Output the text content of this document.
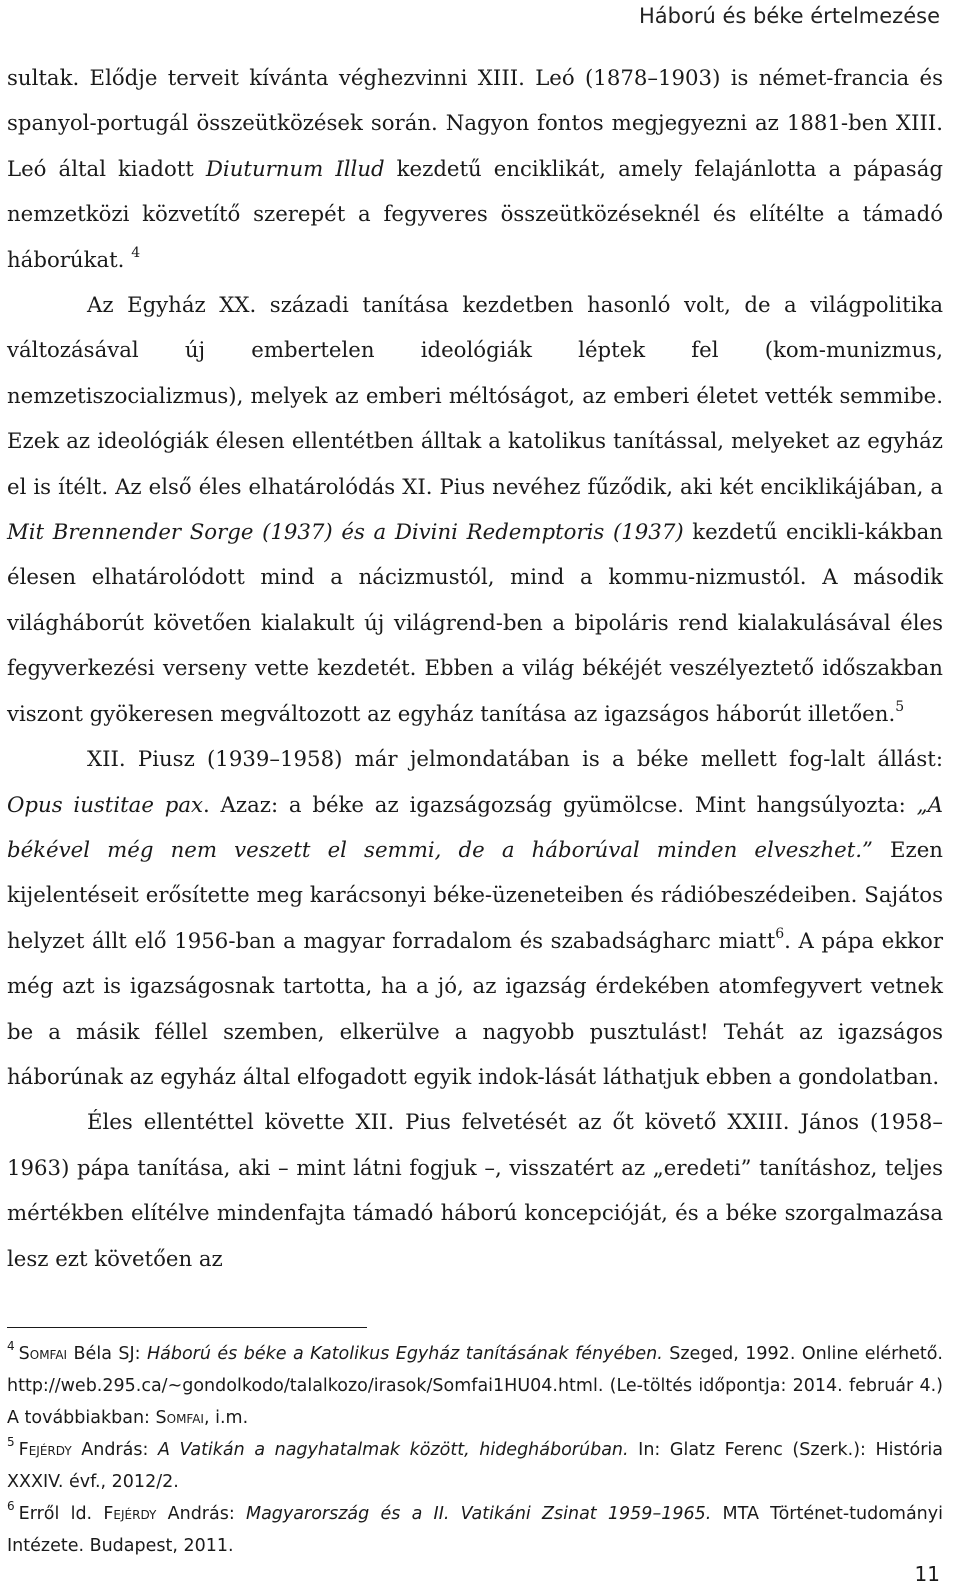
Háború és béke értelmezése

sultak. Elődje terveit kívánta véghezvinni XIII. Leó (1878–1903) is német-francia és spanyol-portugál összeütközések során. Nagyon fontos megjegyezni az 1881-ben XIII. Leó által kiadott Diuturnum Illud kezdetű enciklikát, amely felajánlotta a pápaság nemzetközi közvetítő szerepét a fegyveres összeütközéseknél és elítélte a támadó háborúkat. $^4$

Az Egyház XX. századi tanítása kezdetben hasonló volt, de a világpolitika változásával új embertelen ideológiák léptek fel (kom-munizmus, nemzetiszocializmus), melyek az emberi méltóságot, az emberi életet vették semmibe. Ezek az ideológiák élesen ellentétben álltak a katolikus tanítással, melyeket az egyház el is ítélt. Az első éles elhatárolódás XI. Pius nevéhez fűződik, aki két enciklikájában, a Mit Brennender Sorge (1937) és a Divini Redemptoris (1937) kezdetű encikli-kákban élesen elhatárolódott mind a nácizmustól, mind a kommu-nizmustól. A második világháborút követően kialakult új világrend-ben a bipoláris rend kialakulásával éles fegyverkezési verseny vette kezdetét. Ebben a világ békéjét veszélyeztető időszakban viszont gyökeresen megváltozott az egyház tanítása az igazságos háborút illetően.$^5$

XII. Piusz (1939–1958) már jelmondatában is a béke mellett fog-lalt állást: Opus iustitae pax. Azaz: a béke az igazságozság gyümölcse. Mint hangsúlyozta: „A békével még nem veszett el semmi, de a háborúval minden elveszhet.” Ezen kijelentéseit erősítette meg karácsonyi béke-üzeneteiben és rádióbeszédeiben. Sajátos helyzet állt elő 1956-ban a magyar forradalom és szabadságharc miatt$^6$. A pápa ekkor még azt is igazságosnak tartotta, ha a jó, az igazság érdekében atomfegyvert vetnek be a másik féllel szemben, elkerülve a nagyobb pusztulást! Tehát az igazságos háborúnak az egyház által elfogadott egyik indok-lását láthatjuk ebben a gondolatban.

Éles ellentéttel követte XII. Pius felvetését az őt követő XXIII. János (1958–1963) pápa tanítása, aki – mint látni fogjuk –, visszatért az „eredeti” tanításhoz, teljes mértékben elítélve mindenfajta támadó háború koncepcióját, és a béke szorgalmazása lesz ezt követően az

$^4$ Somfai Béla SJ: Háború és béke a Katolikus Egyház tanításának fényében. Szeged, 1992. Online elérhető. http://web.295.ca/~gondolkodo/talalkozo/irasok/Somfai1HU04.html. (Le-töltés időpontja: 2014. február 4.) A továbbiakban: Somfai, i.m.

$^5$ Fejérdy András: A Vatikán a nagyhatalmak között, hidegháborúban. In: Glatz Ferenc (Szerk.): História XXXIV. évf., 2012/2.

$^6$ Erről ld. Fejérdy András: Magyarország és a II. Vatikáni Zsinat 1959–1965. MTA Történet-tudományi Intézete. Budapest, 2011.

11
